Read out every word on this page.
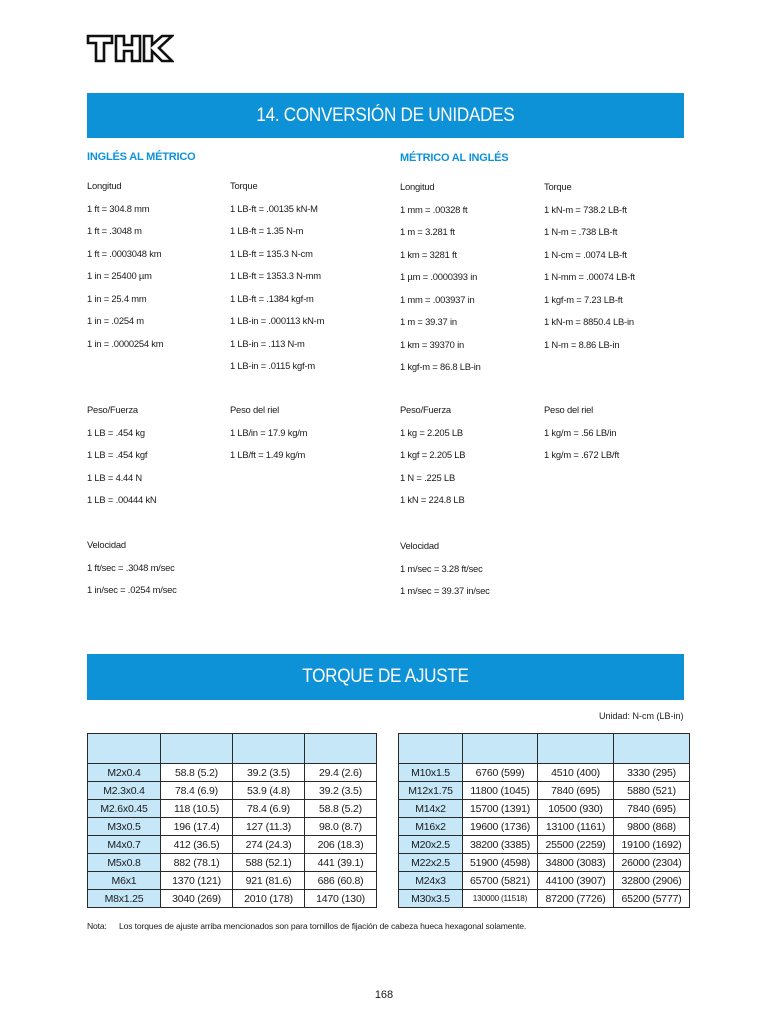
14. CONVERSIÓN DE UNIDADES
INGLÉS AL MÉTRICO	MÉTRICO AL INGLÉS
Longitud
1 ft = 304.8 mm
1 ft = .3048 m
1 ft = .0003048 km
1 in = 25400 µm
1 in = 25.4 mm
1 in = .0254 m
1 in = .0000254 km
Torque
1 LB-ft = .00135 kN-M
1 LB-ft = 1.35 N-m
1 LB-ft = 135.3 N-cm
1 LB-ft = 1353.3 N-mm
1 LB-ft = .1384 kgf-m
1 LB-in = .000113 kN-m
1 LB-in = .113 N-m
1 LB-in = .0115 kgf-m
Peso/Fuerza
1 LB = .454 kg
1 LB = .454 kgf
1 LB = 4.44 N
1 LB = .00444 kN
Peso del riel
1 LB/in = 17.9 kg/m
1 LB/ft = 1.49 kg/m
Velocidad
1 ft/sec = .3048 m/sec
1 in/sec = .0254 m/sec
Longitud
1 mm = .00328 ft
1 m = 3.281 ft
1 km = 3281 ft
1 µm = .0000393 in
1 mm = .003937 in
1 m = 39.37 in
1 km = 39370 in
1 kgf-m = 86.8 LB-in
Torque
1 kN-m = 738.2 LB-ft
1 N-m = .738 LB-ft
1 N-cm = .0074 LB-ft
1 N-mm = .00074 LB-ft
1 kgf-m = 7.23 LB-ft
1 kN-m = 8850.4 LB-in
1 N-m = 8.86 LB-in
Peso/Fuerza
1 kg = 2.205 LB
1 kgf = 2.205 LB
1 N = .225 LB
1 kN = 224.8 LB
Peso del riel
1 kg/m = .56 LB/in
1 kg/m = .672 LB/ft
Velocidad
1 m/sec = 3.28 ft/sec
1 m/sec = 39.37 in/sec
TORQUE DE AJUSTE
Unidad: N-cm (LB-in)

M2x0.4	58.8 (5.2)	39.2 (3.5)	29.4 (2.6)
M2.3x0.4	78.4 (6.9)	53.9 (4.8)	39.2 (3.5)
M2.6x0.45	118 (10.5)	78.4 (6.9)	58.8 (5.2)
M3x0.5	196 (17.4)	127 (11.3)	98.0 (8.7)
M4x0.7	412 (36.5)	274 (24.3)	206 (18.3)
M5x0.8	882 (78.1)	588 (52.1)	441 (39.1)
M6x1	1370 (121)	921 (81.6)	686 (60.8)
M8x1.25	3040 (269)	2010 (178)	1470 (130)

M10x1.5	6760 (599)	4510 (400)	3330 (295)
M12x1.75	11800 (1045)	7840 (695)	5880 (521)
M14x2	15700 (1391)	10500 (930)	7840 (695)
M16x2	19600 (1736)	13100 (1161)	9800 (868)
M20x2.5	38200 (3385)	25500 (2259)	19100 (1692)
M22x2.5	51900 (4598)	34800 (3083)	26000 (2304)
M24x3	65700 (5821)	44100 (3907)	32800 (2906)
M30x3.5	130000 (11518)	87200 (7726)	65200 (5777)
Nota: Los torques de ajuste arriba mencionados son para tornillos de fijación de cabeza hueca hexagonal solamente.
168
